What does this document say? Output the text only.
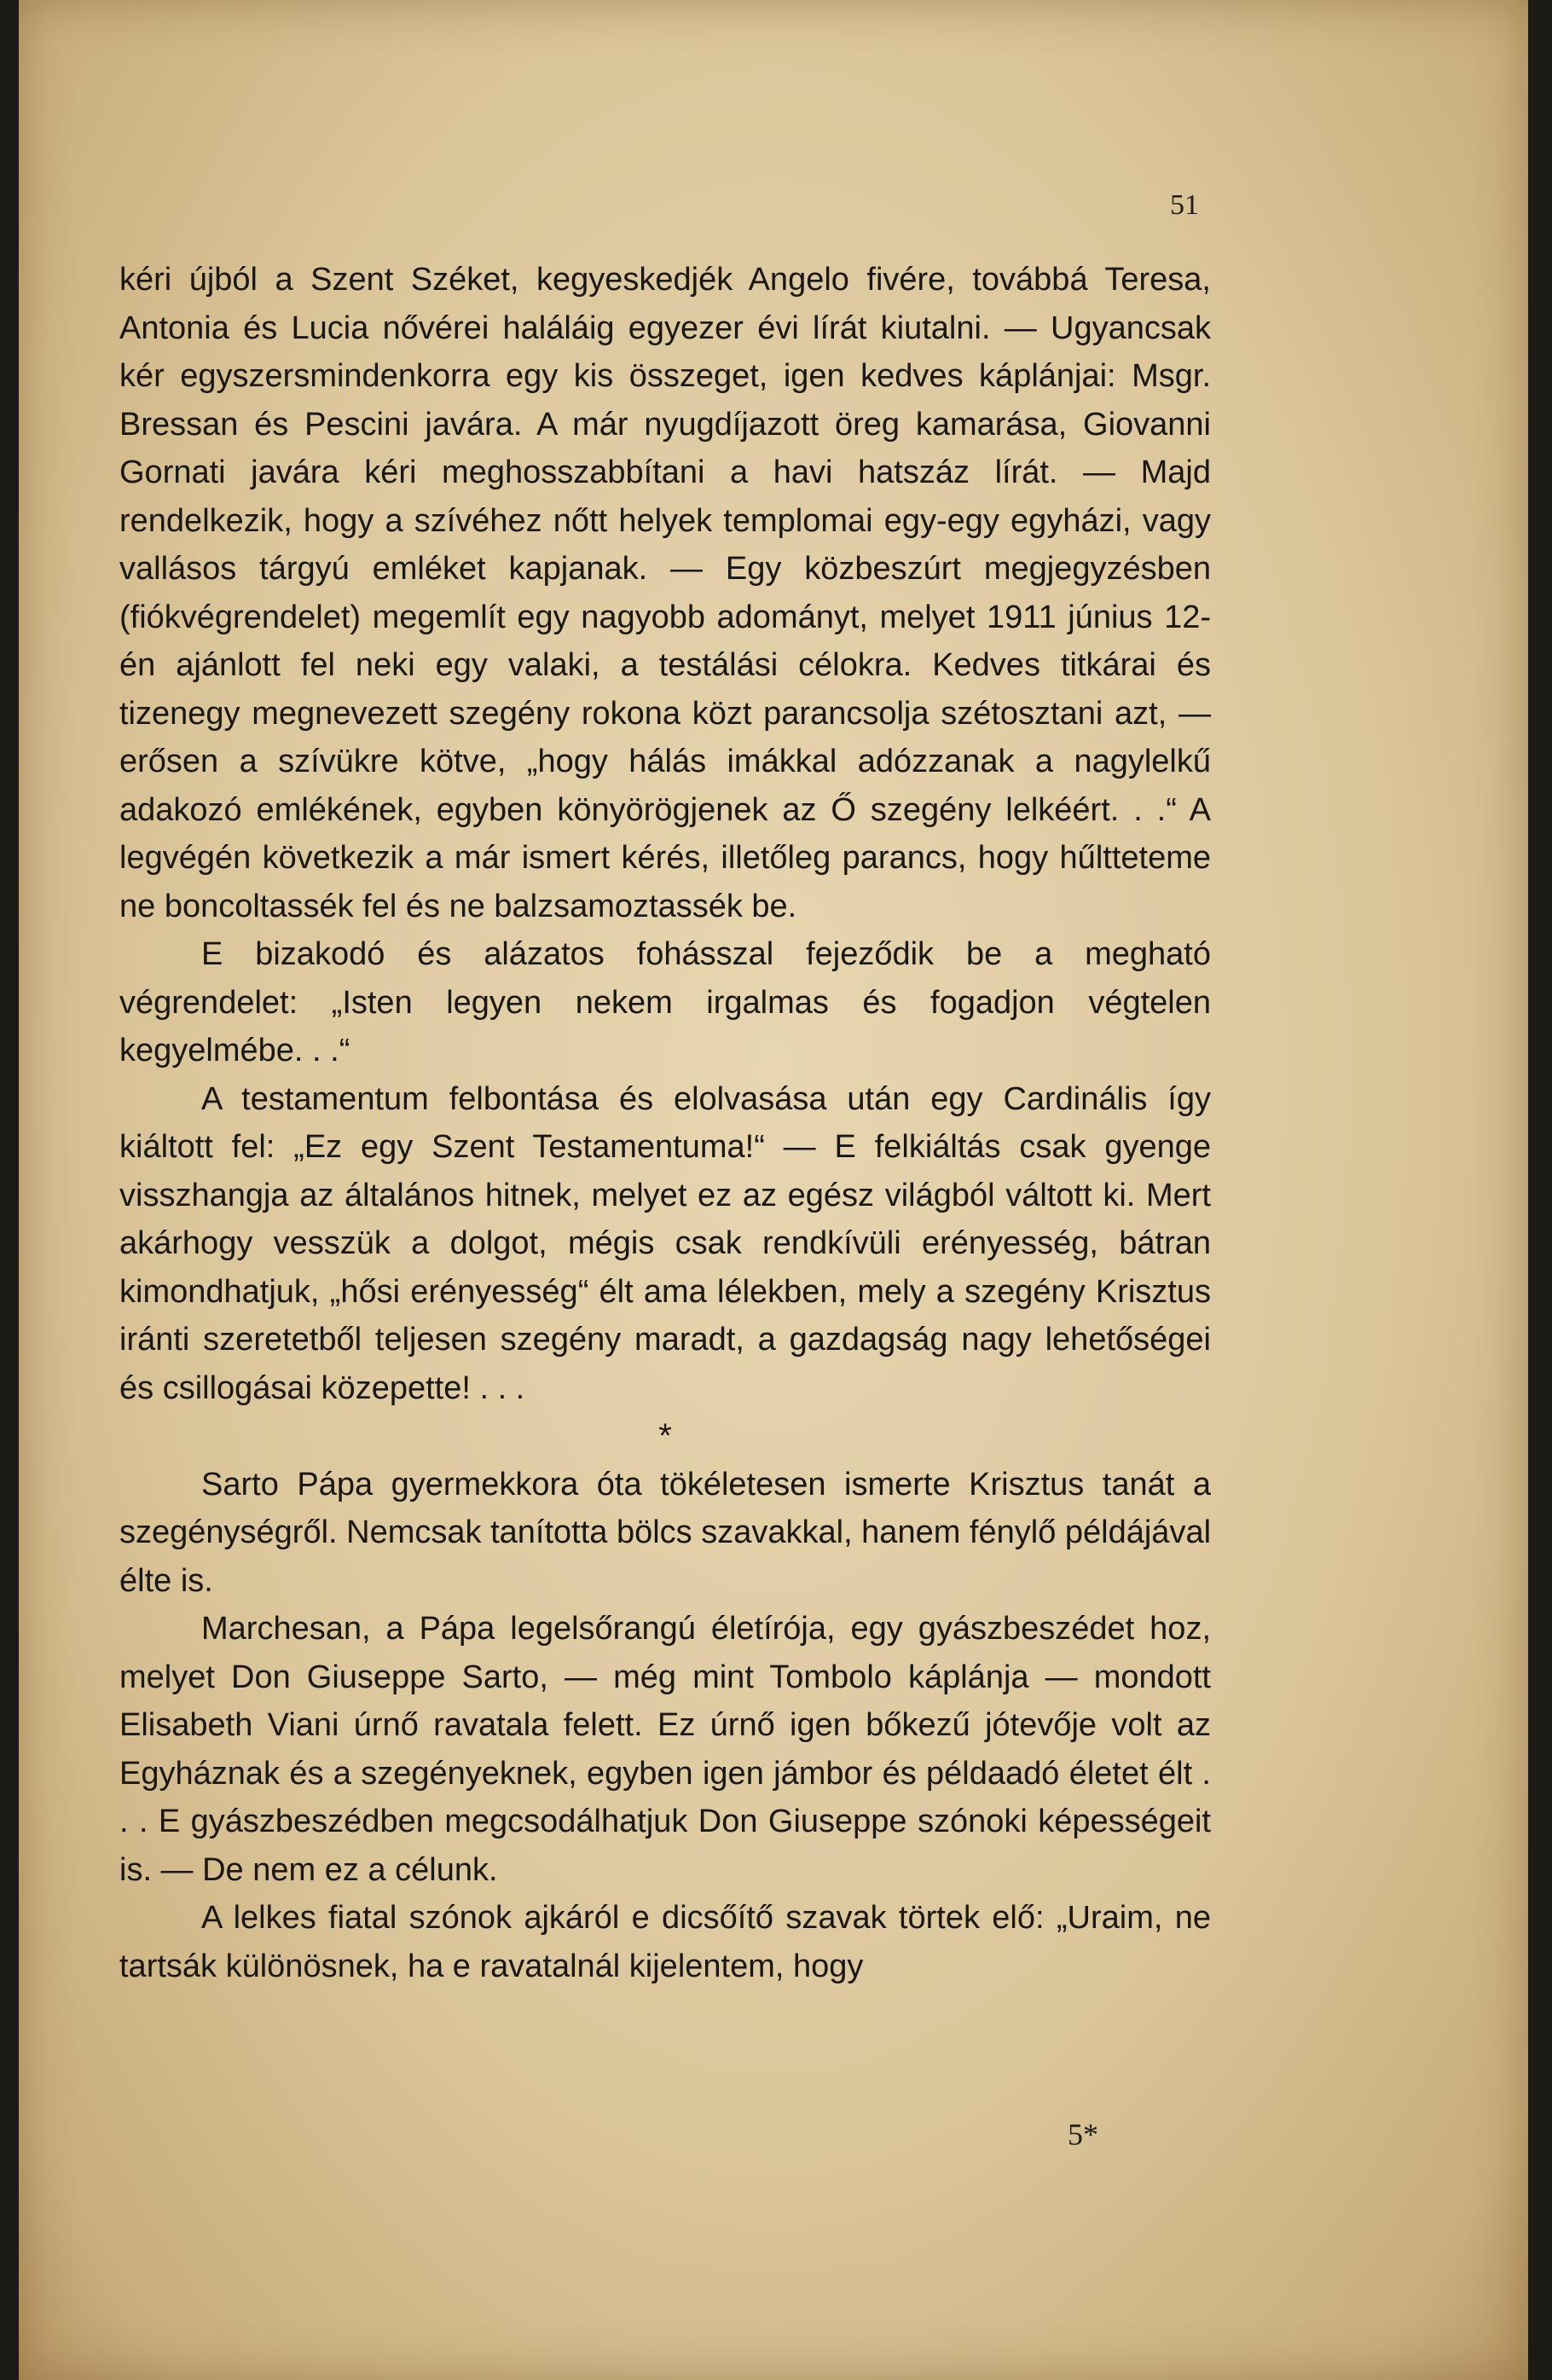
51

kéri újból a Szent Széket, kegyeskedjék Angelo fivére, továbbá Teresa, Antonia és Lucia nővérei haláláig egyezer évi lírát kiutalni. — Ugyancsak kér egyszersmindenkorra egy kis összeget, igen kedves káplánjai: Msgr. Bressan és Pescini javára. A már nyugdíjazott öreg kamarása, Giovanni Gornati javára kéri meghosszabbítani a havi hatszáz lírát. — Majd rendelkezik, hogy a szívéhez nőtt helyek templomai egy-egy egyházi, vagy vallásos tárgyú emléket kapjanak. — Egy közbeszúrt megjegyzésben (fiókvégrendelet) megemlít egy nagyobb adományt, melyet 1911 június 12-én ajánlott fel neki egy valaki, a testálási célokra. Kedves titkárai és tizenegy megnevezett szegény rokona közt parancsolja szétosztani azt, — erősen a szívükre kötve, „hogy hálás imákkal adózzanak a nagylelkű adakozó emlékének, egyben könyörögjenek az Ő szegény lelkéért. . .“ A legvégén következik a már ismert kérés, illetőleg parancs, hogy hűlttetеme ne boncoltassék fel és ne balzsamoztassék be.

E bizakodó és alázatos fohásszal fejeződik be a megható végrendelet: „Isten legyen nekem irgalmas és fogadjon végtelen kegyelmébe. . .“

A testamentum felbontása és elolvasása után egy Cardinális így kiáltott fel: „Ez egy Szent Testamentuma!“ — E felkiáltás csak gyenge visszhangja az általános hitnek, melyet ez az egész világból váltott ki. Mert akárhogy vesszük a dolgot, mégis csak rendkívüli erényesség, bátran kimondhatjuk, „hősi erényesség“ élt ama lélekben, mely a szegény Krisztus iránti szeretetből teljesen szegény maradt, a gazdagság nagy lehetőségei és csillogásai közepette! . . .

*

Sarto Pápa gyermekkora óta tökéletesen ismerte Krisztus tanát a szegénységről. Nemcsak tanította bölcs szavakkal, hanem fénylő példájával élte is.

Marchesan, a Pápa legelsőrangú életírója, egy gyászbeszédet hoz, melyet Don Giuseppe Sarto, — még mint Tombolo káplánja — mondott Elisabeth Viani úrnő ravatala felett. Ez úrnő igen bőkezű jótevője volt az Egyháznak és a szegényeknek, egyben igen jámbor és példaadó életet élt . . . E gyászbeszédben megcsodálhatjuk Don Giuseppe szónoki képességeit is. — De nem ez a célunk.

A lelkes fiatal szónok ajkáról e dicsőítő szavak törtek elő: „Uraim, ne tartsák különösnek, ha e ravatalnál kijelentem, hogy

5*
